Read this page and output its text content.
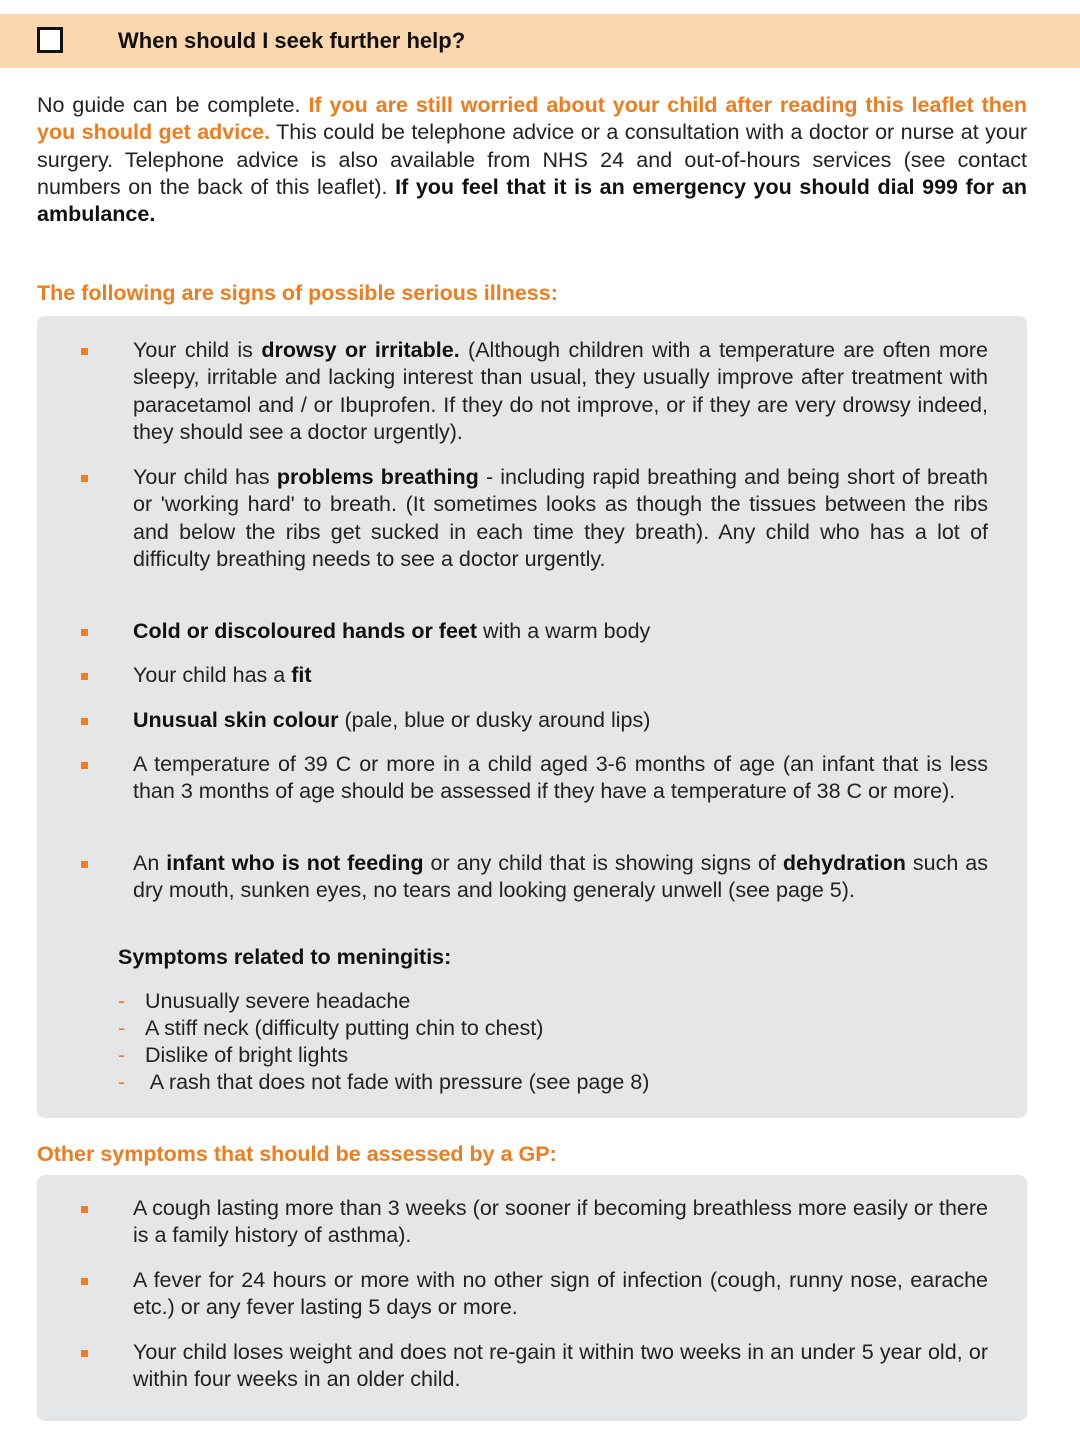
When should I seek further help?
No guide can be complete. If you are still worried about your child after reading this leaflet then you should get advice. This could be telephone advice or a consultation with a doctor or nurse at your surgery. Telephone advice is also available from NHS 24 and out-of-hours services (see contact numbers on the back of this leaflet). If you feel that it is an emergency you should dial 999 for an ambulance.
The following are signs of possible serious illness:
Your child is drowsy or irritable. (Although children with a temperature are often more sleepy, irritable and lacking interest than usual, they usually improve after treatment with paracetamol and / or Ibuprofen. If they do not improve, or if they are very drowsy indeed, they should see a doctor urgently).
Your child has problems breathing - including rapid breathing and being short of breath or 'working hard' to breath. (It sometimes looks as though the tissues between the ribs and below the ribs get sucked in each time they breath). Any child who has a lot of difficulty breathing needs to see a doctor urgently.
Cold or discoloured hands or feet with a warm body
Your child has a fit
Unusual skin colour (pale, blue or dusky around lips)
A temperature of 39 C or more in a child aged 3-6 months of age (an infant that is less than 3 months of age should be assessed if they have a temperature of 38 C or more).
An infant who is not feeding or any child that is showing signs of dehydration such as dry mouth, sunken eyes, no tears and looking generaly unwell (see page 5).
Symptoms related to meningitis:
- Unusually severe headache
- A stiff neck (difficulty putting chin to chest)
- Dislike of bright lights
- A rash that does not fade with pressure (see page 8)
Other symptoms that should be assessed by a GP:
A cough lasting more than 3 weeks (or sooner if becoming breathless more easily or there is a family history of asthma).
A fever for 24 hours or more with no other sign of infection (cough, runny nose, earache etc.) or any fever lasting 5 days or more.
Your child loses weight and does not re-gain it within two weeks in an under 5 year old, or within four weeks in an older child.
